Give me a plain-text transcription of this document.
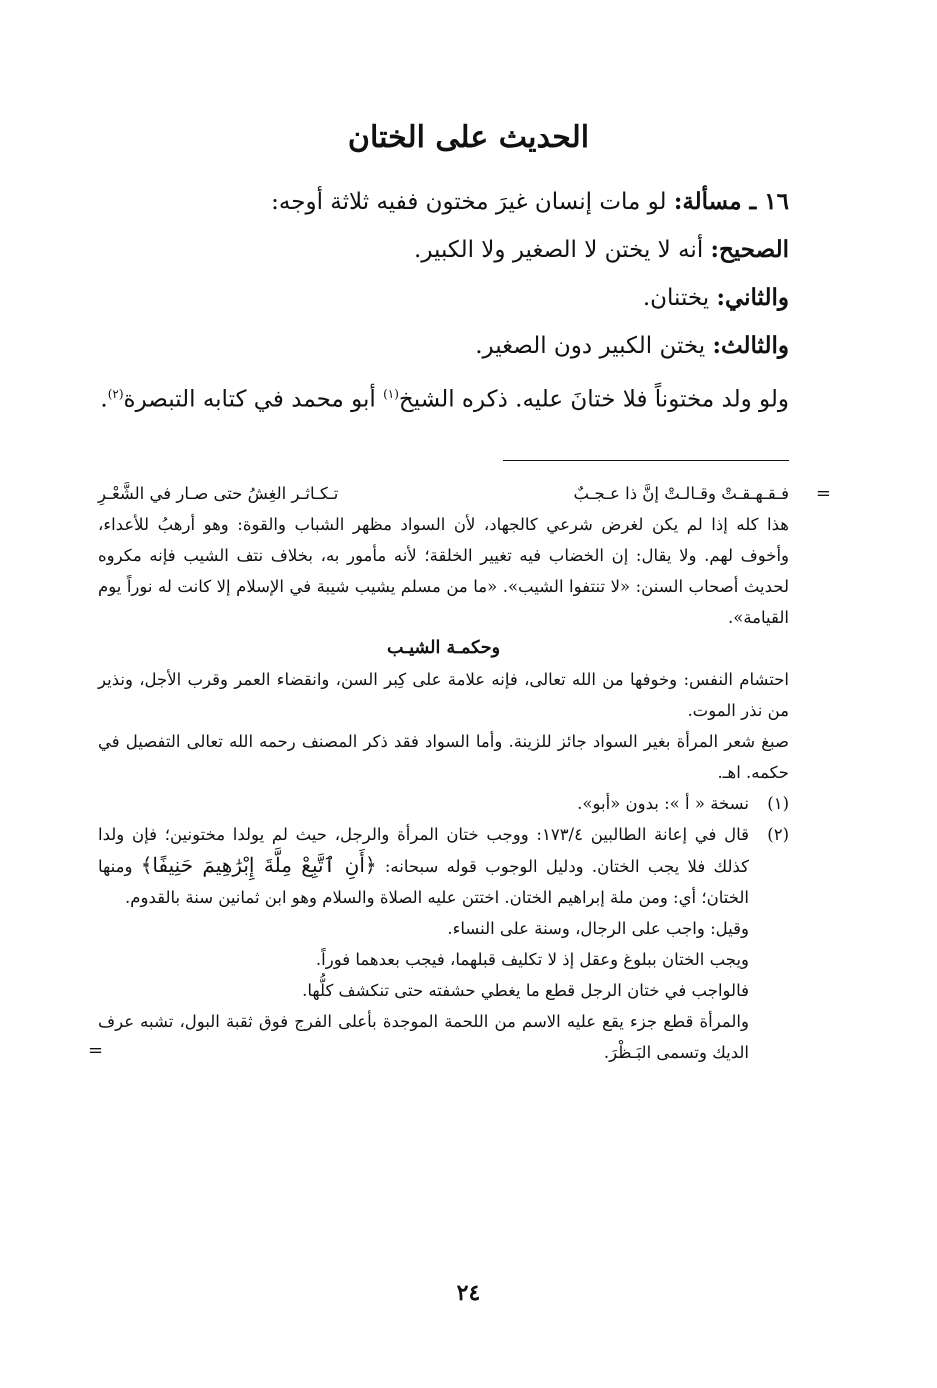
الحديث على الختان

١٦ ـ مسألة: لو مات إنسان غيرَ مختون ففيه ثلاثة أوجه:

الصحيح: أنه لا يختن لا الصغير ولا الكبير.

والثاني: يختنان.

والثالث: يختن الكبير دون الصغير.

ولو ولد مختوناً فلا ختانَ عليه. ذكره الشيخ$^{(١)}$ أبو محمد في كتابه التبصرة$^{(٢)}$.

=
فـقـهـقـتْ وقـالـتْ إنَّ ذا عـجـبٌ
تـكـاثـر الغِشُ حتى صـار في الشَّعْـرِ

هذا كله إذا لم يكن لغرض شرعي كالجهاد، لأن السواد مظهر الشباب والقوة: وهو أرهبُ للأعداء، وأخوف لهم. ولا يقال: إن الخضاب فيه تغيير الخلقة؛ لأنه مأمور به، بخلاف نتف الشيب فإنه مكروه لحديث أصحاب السنن: «لا تنتفوا الشيب». «ما من مسلم يشيب شيبة في الإسلام إلا كانت له نوراً يوم القيامة».

وحكمـة الشيـب

احتشام النفس: وخوفها من الله تعالى، فإنه علامة على كِبر السن، وانقضاء العمر وقرب الأجل، ونذير من نذر الموت.

صبغ شعر المرأة بغير السواد جائز للزينة. وأما السواد فقد ذكر المصنف رحمه الله تعالى التفصيل في حكمه. اهـ.

(١)

نسخة « أ »: بدون «أبو».

(٢)

قال في إعانة الطالبين ١٧٣/٤: ووجب ختان المرأة والرجل، حيث لم يولدا مختونين؛ فإن ولدا كذلك فلا يجب الختان. ودليل الوجوب قوله سبحانه: ﴿أَنِ ٱتَّبِعْ مِلَّةَ إِبْرَٰهِيمَ حَنِيفًا﴾ ومنها الختان؛ أي: ومن ملة إبراهيم الختان. اختتن عليه الصلاة والسلام وهو ابن ثمانين سنة بالقدوم.

وقيل: واجب على الرجال، وسنة على النساء.

ويجب الختان ببلوغ وعقل إذ لا تكليف قبلهما، فيجب بعدهما فوراً.

فالواجب في ختان الرجل قطع ما يغطي حشفته حتى تنكشف كلُّها.

والمرأة قطع جزء يقع عليه الاسم من اللحمة الموجدة بأعلى الفرج فوق ثقبة البول، تشبه عرف الديك وتسمى البَـظْرَ.

=
٢٤
